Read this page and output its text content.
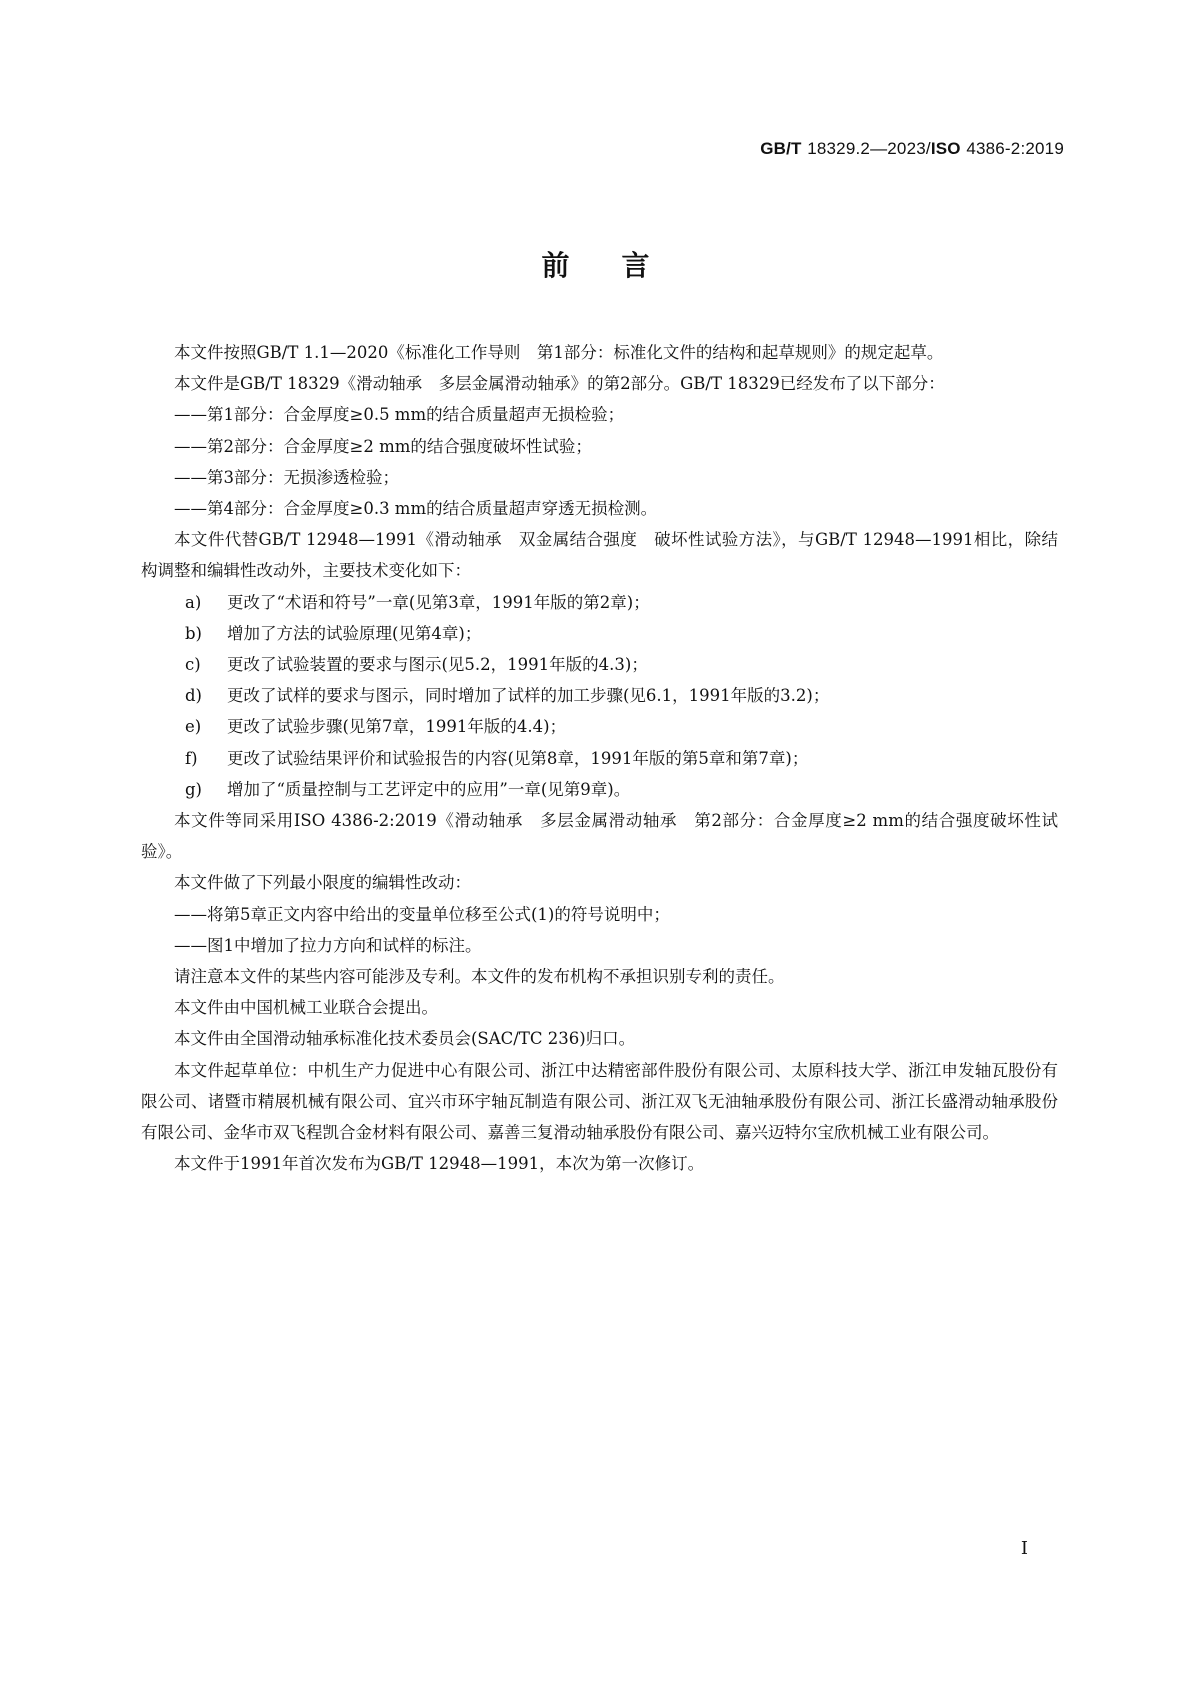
GB/T 18329.2—2023/ISO 4386-2:2019
前言

本文件按照GB/T 1.1—2020《标准化工作导则　第1部分：标准化文件的结构和起草规则》的规定起草。

本文件是GB/T 18329《滑动轴承　多层金属滑动轴承》的第2部分。GB/T 18329已经发布了以下部分：

——第1部分：合金厚度≥0.5 mm的结合质量超声无损检验；

——第2部分：合金厚度≥2 mm的结合强度破坏性试验；

——第3部分：无损渗透检验；

——第4部分：合金厚度≥0.3 mm的结合质量超声穿透无损检测。

本文件代替GB/T 12948—1991《滑动轴承　双金属结合强度　破坏性试验方法》，与GB/T 12948—1991相比，除结构调整和编辑性改动外，主要技术变化如下：

a) 更改了“术语和符号”一章(见第3章，1991年版的第2章)；

b) 增加了方法的试验原理(见第4章)；

c) 更改了试验装置的要求与图示(见5.2，1991年版的4.3)；

d) 更改了试样的要求与图示，同时增加了试样的加工步骤(见6.1，1991年版的3.2)；

e) 更改了试验步骤(见第7章，1991年版的4.4)；

f) 更改了试验结果评价和试验报告的内容(见第8章，1991年版的第5章和第7章)；

g) 增加了“质量控制与工艺评定中的应用”一章(见第9章)。

本文件等同采用ISO 4386-2:2019《滑动轴承　多层金属滑动轴承　第2部分：合金厚度≥2 mm的结合强度破坏性试验》。

本文件做了下列最小限度的编辑性改动：

——将第5章正文内容中给出的变量单位移至公式(1)的符号说明中；

——图1中增加了拉力方向和试样的标注。

请注意本文件的某些内容可能涉及专利。本文件的发布机构不承担识别专利的责任。

本文件由中国机械工业联合会提出。

本文件由全国滑动轴承标准化技术委员会(SAC/TC 236)归口。

本文件起草单位：中机生产力促进中心有限公司、浙江中达精密部件股份有限公司、太原科技大学、浙江申发轴瓦股份有限公司、诸暨市精展机械有限公司、宜兴市环宇轴瓦制造有限公司、浙江双飞无油轴承股份有限公司、浙江长盛滑动轴承股份有限公司、金华市双飞程凯合金材料有限公司、嘉善三复滑动轴承股份有限公司、嘉兴迈特尔宝欣机械工业有限公司。

本文件于1991年首次发布为GB/T 12948—1991，本次为第一次修订。

I
